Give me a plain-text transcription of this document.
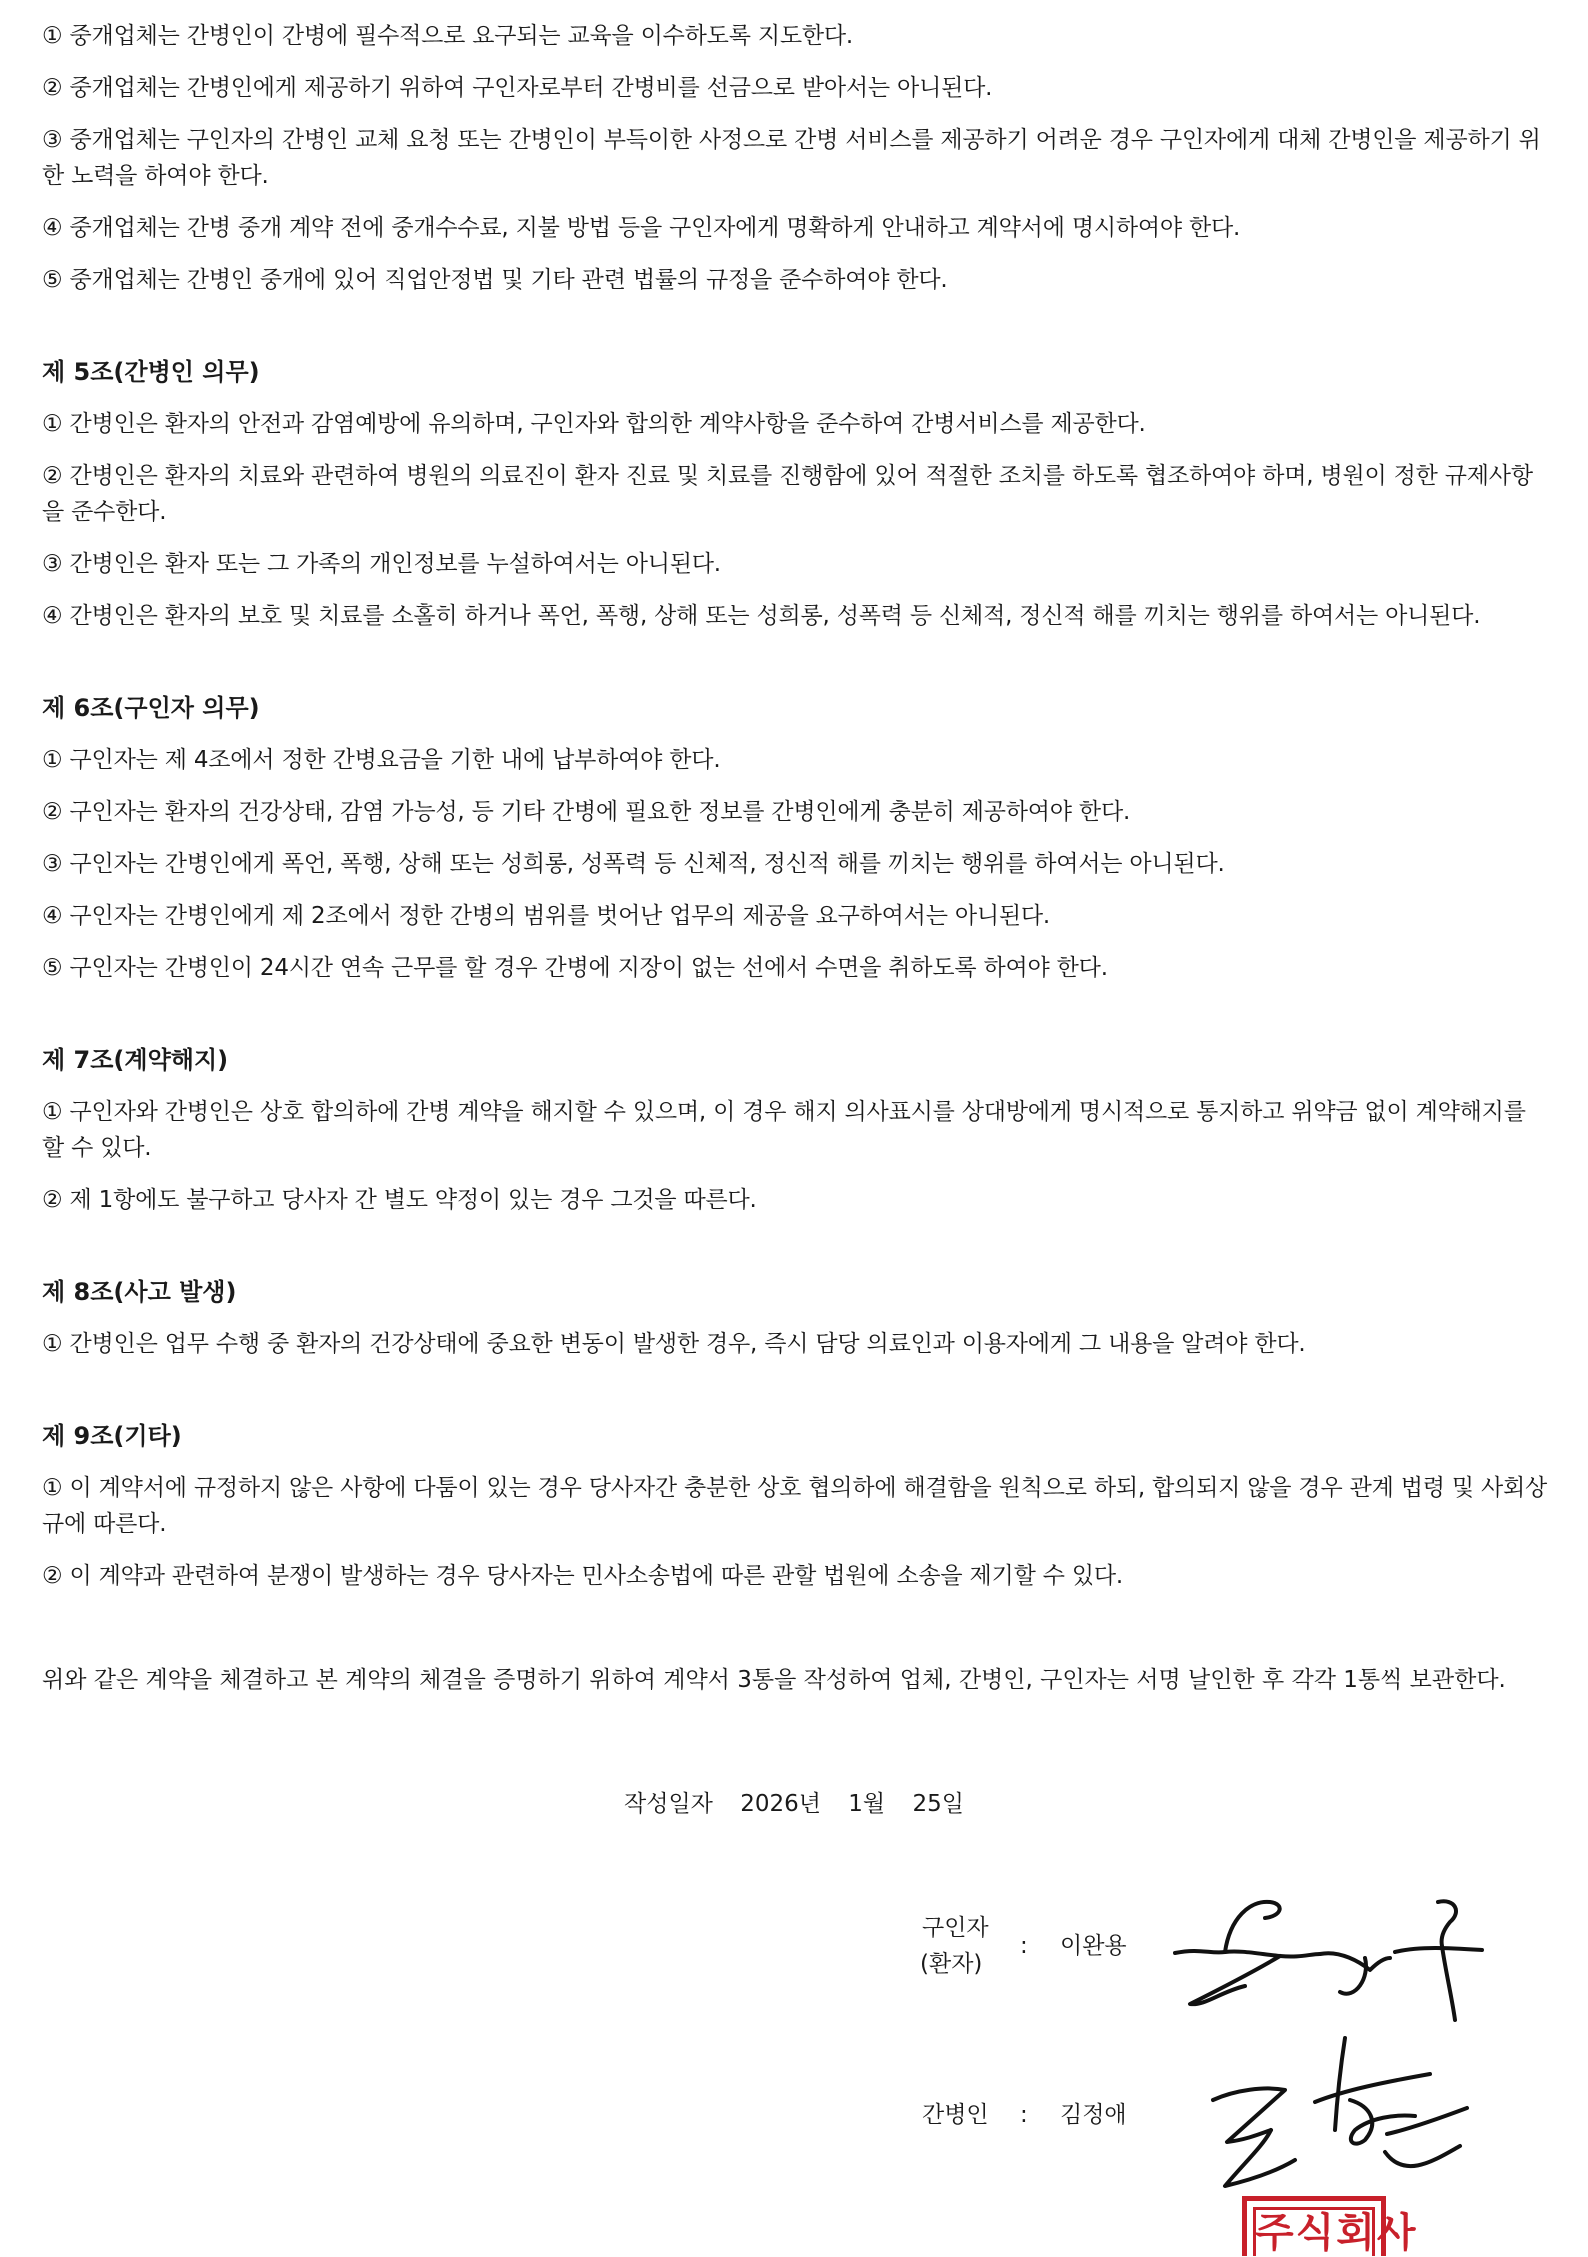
① 중개업체는 간병인이 간병에 필수적으로 요구되는 교육을 이수하도록 지도한다.

② 중개업체는 간병인에게 제공하기 위하여 구인자로부터 간병비를 선금으로 받아서는 아니된다.

③ 중개업체는 구인자의 간병인 교체 요청 또는 간병인이 부득이한 사정으로 간병 서비스를 제공하기 어려운 경우 구인자에게 대체 간병인을 제공하기 위한 노력을 하여야 한다.

④ 중개업체는 간병 중개 계약 전에 중개수수료, 지불 방법 등을 구인자에게 명확하게 안내하고 계약서에 명시하여야 한다.

⑤ 중개업체는 간병인 중개에 있어 직업안정법 및 기타 관련 법률의 규정을 준수하여야 한다.

제 5조(간병인 의무)

① 간병인은 환자의 안전과 감염예방에 유의하며, 구인자와 합의한 계약사항을 준수하여 간병서비스를 제공한다.

② 간병인은 환자의 치료와 관련하여 병원의 의료진이 환자 진료 및 치료를 진행함에 있어 적절한 조치를 하도록 협조하여야 하며, 병원이 정한 규제사항을 준수한다.

③ 간병인은 환자 또는 그 가족의 개인정보를 누설하여서는 아니된다.

④ 간병인은 환자의 보호 및 치료를 소홀히 하거나 폭언, 폭행, 상해 또는 성희롱, 성폭력 등 신체적, 정신적 해를 끼치는 행위를 하여서는 아니된다.

제 6조(구인자 의무)

① 구인자는 제 4조에서 정한 간병요금을 기한 내에 납부하여야 한다.

② 구인자는 환자의 건강상태, 감염 가능성, 등 기타 간병에 필요한 정보를 간병인에게 충분히 제공하여야 한다.

③ 구인자는 간병인에게 폭언, 폭행, 상해 또는 성희롱, 성폭력 등 신체적, 정신적 해를 끼치는 행위를 하여서는 아니된다.

④ 구인자는 간병인에게 제 2조에서 정한 간병의 범위를 벗어난 업무의 제공을 요구하여서는 아니된다.

⑤ 구인자는 간병인이 24시간 연속 근무를 할 경우 간병에 지장이 없는 선에서 수면을 취하도록 하여야 한다.

제 7조(계약해지)

① 구인자와 간병인은 상호 합의하에 간병 계약을 해지할 수 있으며, 이 경우 해지 의사표시를 상대방에게 명시적으로 통지하고 위약금 없이 계약해지를 할 수 있다.

② 제 1항에도 불구하고 당사자 간 별도 약정이 있는 경우 그것을 따른다.

제 8조(사고 발생)

① 간병인은 업무 수행 중 환자의 건강상태에 중요한 변동이 발생한 경우, 즉시 담당 의료인과 이용자에게 그 내용을 알려야 한다.

제 9조(기타)

① 이 계약서에 규정하지 않은 사항에 다툼이 있는 경우 당사자간 충분한 상호 협의하에 해결함을 원칙으로 하되, 합의되지 않을 경우 관계 법령 및 사회상규에 따른다.

② 이 계약과 관련하여 분쟁이 발생하는 경우 당사자는 민사소송법에 따른 관할 법원에 소송을 제기할 수 있다.

위와 같은 계약을 체결하고 본 계약의 체결을 증명하기 위하여 계약서 3통을 작성하여 업체, 간병인, 구인자는 서명 날인한 후 각각 1통씩 보관한다.

작성일자 2026년 1월 25일
구인자
(환자)
: 이완용
간병인 : 김정애
주식회사
